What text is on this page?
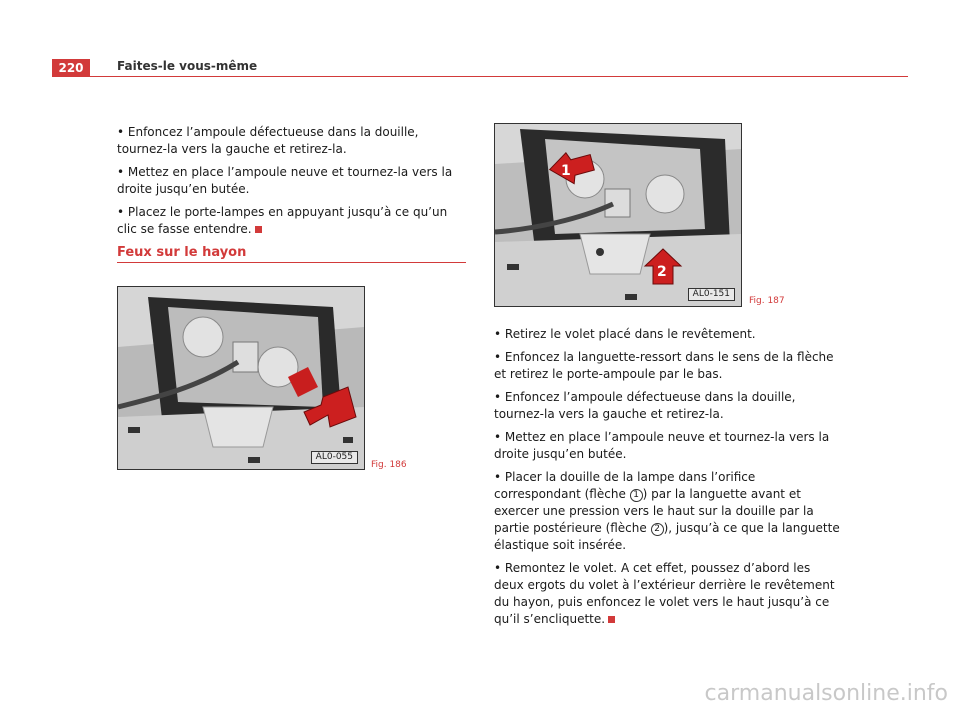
220	Faites-le vous-même

• Enfoncez l’ampoule défectueuse dans la douille, tournez-la vers la gauche et retirez-la.

• Mettez en place l’ampoule neuve et tournez-la vers la droite jusqu’en butée.

• Placez le porte-lampes en appuyant jusqu’à ce qu’un clic se fasse entendre.

Feux sur le hayon
AL0-055
Fig. 186
1
2
AL0-151
Fig. 187

• Retirez le volet placé dans le revêtement.

• Enfoncez la languette-ressort dans le sens de la flèche et retirez le porte-ampoule par le bas.

• Enfoncez l’ampoule défectueuse dans la douille, tournez-la vers la gauche et retirez-la.

• Mettez en place l’ampoule neuve et tournez-la vers la droite jusqu’en butée.

• Placer la douille de la lampe dans l’orifice correspondant (flèche 1 ) par la languette avant et exercer une pression vers le haut sur la douille par la partie postérieure (flèche 2 ), jusqu’à ce que la languette élastique soit insérée.

• Remontez le volet. A cet effet, poussez d’abord les deux ergots du volet à l’extérieur derrière le revêtement du hayon, puis enfoncez le volet vers le haut jusqu’à ce qu’il s’encliquette.

carmanualsonline.info
